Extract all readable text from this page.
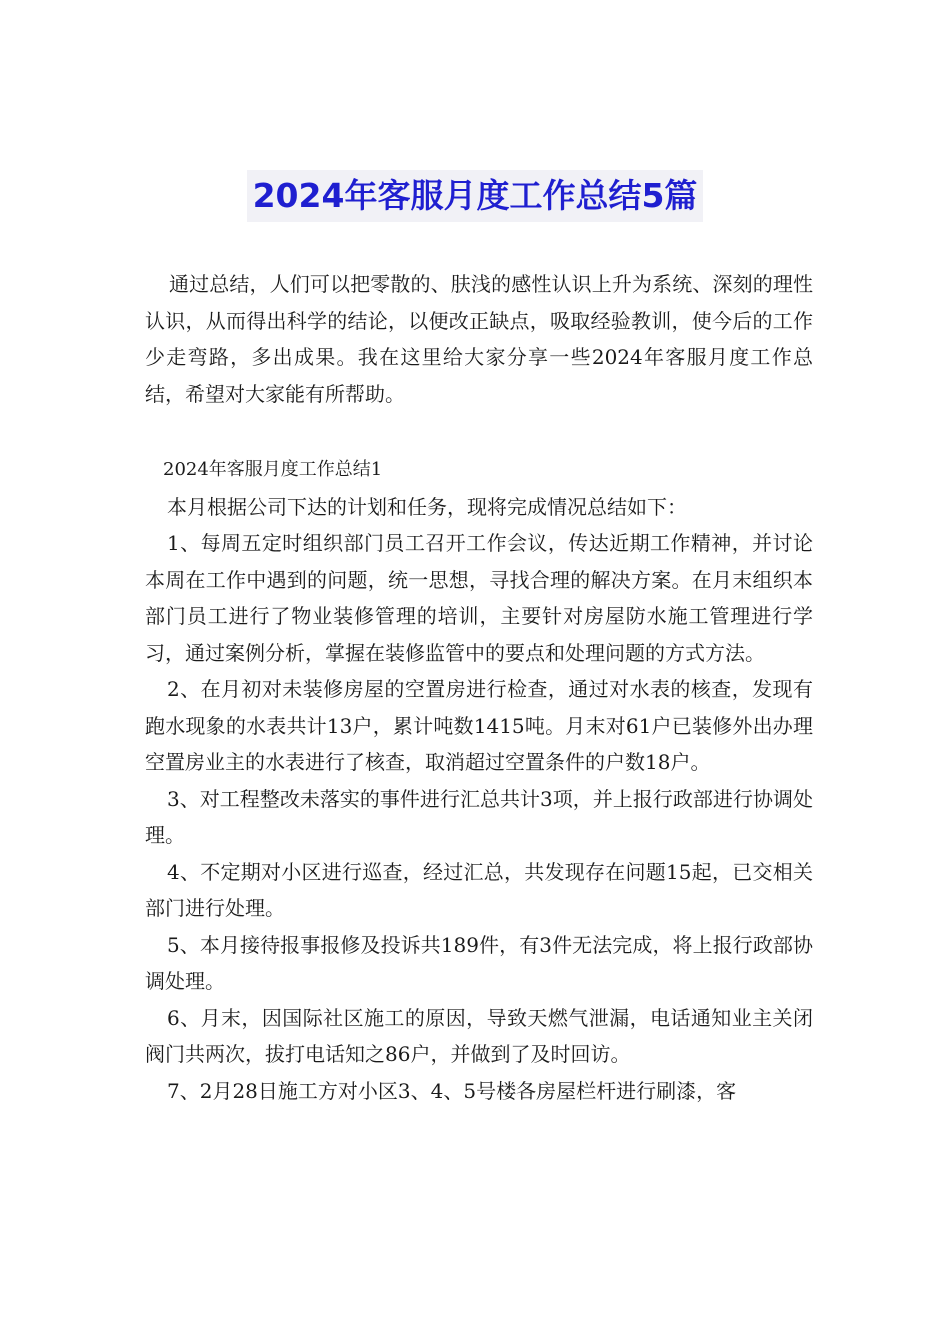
2024年客服月度工作总结5篇

通过总结，人们可以把零散的、肤浅的感性认识上升为系统、深刻的理性认识，从而得出科学的结论，以便改正缺点，吸取经验教训，使今后的工作少走弯路，多出成果。我在这里给大家分享一些2024年客服月度工作总结，希望对大家能有所帮助。

2024年客服月度工作总结1

本月根据公司下达的计划和任务，现将完成情况总结如下：

1、每周五定时组织部门员工召开工作会议，传达近期工作精神，并讨论本周在工作中遇到的问题，统一思想，寻找合理的解决方案。在月末组织本部门员工进行了物业装修管理的培训，主要针对房屋防水施工管理进行学习，通过案例分析，掌握在装修监管中的要点和处理问题的方式方法。

2、在月初对未装修房屋的空置房进行检查，通过对水表的核查，发现有跑水现象的水表共计13户，累计吨数1415吨。月末对61户已装修外出办理空置房业主的水表进行了核查，取消超过空置条件的户数18户。

3、对工程整改未落实的事件进行汇总共计3项，并上报行政部进行协调处理。

4、不定期对小区进行巡查，经过汇总，共发现存在问题15起，已交相关部门进行处理。

5、本月接待报事报修及投诉共189件，有3件无法完成，将上报行政部协调处理。

6、月末，因国际社区施工的原因，导致天燃气泄漏，电话通知业主关闭阀门共两次，拔打电话知之86户，并做到了及时回访。

7、2月28日施工方对小区3、4、5号楼各房屋栏杆进行刷漆，客
